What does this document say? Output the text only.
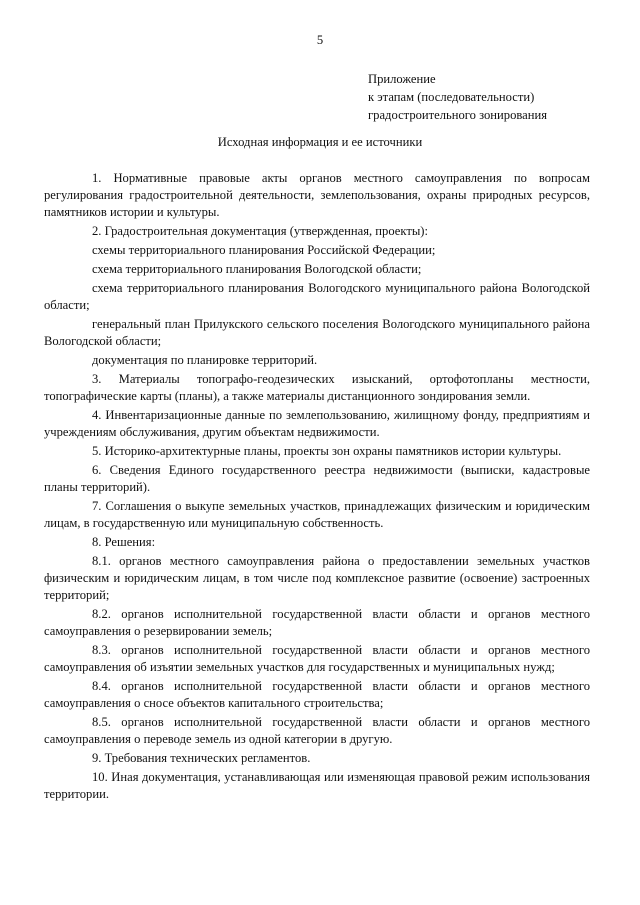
5
Приложение
к этапам (последовательности)
градостроительного зонирования
Исходная информация и ее источники

1. Нормативные правовые акты органов местного самоуправления по вопросам регулирования градостроительной деятельности, землепользования, охраны природных ресурсов, памятников истории и культуры.

2. Градостроительная документация (утвержденная, проекты):

схемы территориального планирования Российской Федерации;

схема территориального планирования Вологодской области;

схема территориального планирования Вологодского муниципального района Вологодской области;

генеральный план Прилукского сельского поселения Вологодского муниципального района Вологодской области;

документация по планировке территорий.

3. Материалы топографо-геодезических изысканий, ортофотопланы местности, топографические карты (планы), а также материалы дистанционного зондирования земли.

4. Инвентаризационные данные по землепользованию, жилищному фонду, предприятиям и учреждениям обслуживания, другим объектам недвижимости.

5. Историко-архитектурные планы, проекты зон охраны памятников истории культуры.

6. Сведения Единого государственного реестра недвижимости (выписки, кадастровые планы территорий).

7. Соглашения о выкупе земельных участков, принадлежащих физическим и юридическим лицам, в государственную или муниципальную собственность.

8. Решения:

8.1. органов местного самоуправления района о предоставлении земельных участков физическим и юридическим лицам, в том числе под комплексное развитие (освоение) застроенных территорий;

8.2. органов исполнительной государственной власти области и органов местного самоуправления о резервировании земель;

8.3. органов исполнительной государственной власти области и органов местного самоуправления об изъятии земельных участков для государственных и муниципальных нужд;

8.4. органов исполнительной государственной власти области и органов местного самоуправления о сносе объектов капитального строительства;

8.5. органов исполнительной государственной власти области и органов местного самоуправления о переводе земель из одной категории в другую.

9. Требования технических регламентов.

10. Иная документация, устанавливающая или изменяющая правовой режим использования территории.
